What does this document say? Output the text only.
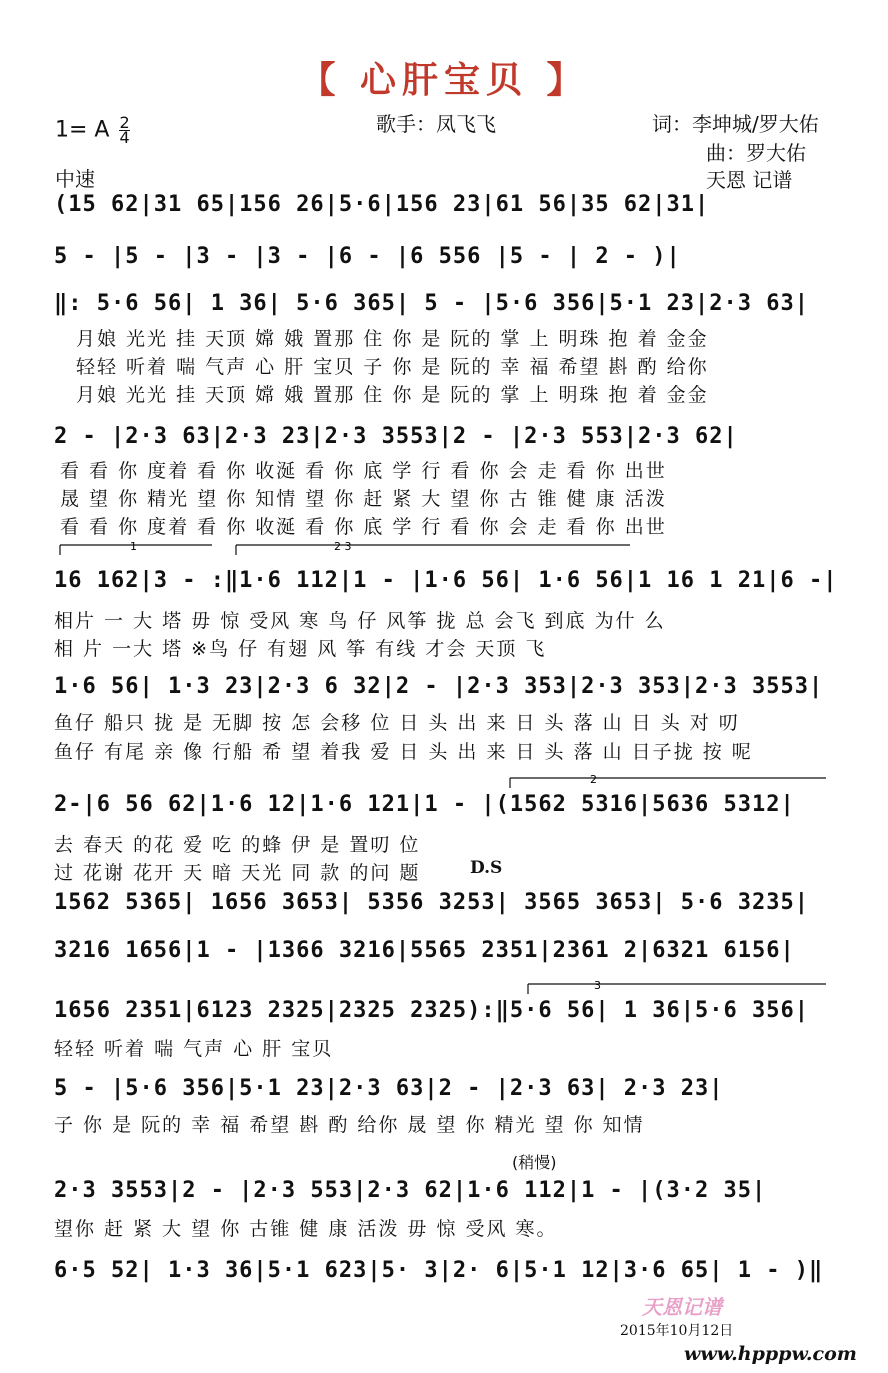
【 心肝宝贝 】
歌手：凤飞飞	词：李坤城/罗大佑
曲：罗大佑
天恩 记谱
1= A $\frac{2}{4}$
中速
(15 62|31 65|156 26|5·6|156 23|61 56|35 62|31|
5 - |5 - |3 - |3 - |6 - |6 556 |5 - | 2 - )|
‖: 5·6 56| 1 36| 5·6 365| 5 - |5·6 356|5·1 23|2·3 63|
月娘 光光 挂 天顶 嫦 娥 置那 住 你 是 阮的 掌 上 明珠 抱 着 金金
轻轻 听着 喘 气声 心 肝 宝贝 子 你 是 阮的 幸 福 希望 斟 酌 给你
月娘 光光 挂 天顶 嫦 娥 置那 住 你 是 阮的 掌 上 明珠 抱 着 金金
2 - |2·3 63|2·3 23|2·3 3553|2 - |2·3 553|2·3 62|
看 看 你 度着 看 你 收涎 看 你 底 学 行 看 你 会 走 看 你 出世
晟 望 你 精光 望 你 知情 望 你 赶 紧 大 望 你 古 锥 健 康 活泼
看 看 你 度着 看 你 收涎 看 你 底 学 行 看 你 会 走 看 你 出世
1	2 3
16 162|3 - :‖1·6 112|1 - |1·6 56| 1·6 56|1 16 1 21|6 -|
相片 一 大 塔 毋 惊 受风 寒 鸟 仔 风筝 拢 总 会飞 到底 为什 么
相 片 一大 塔 ※鸟 仔 有翅 风 筝 有线 才会 天顶 飞
1·6 56| 1·3 23|2·3 6 32|2 - |2·3 353|2·3 353|2·3 3553|
鱼仔 船只 拢 是 无脚 按 怎 会移 位 日 头 出 来 日 头 落 山 日 头 对 叨
鱼仔 有尾 亲 像 行船 希 望 着我 爱 日 头 出 来 日 头 落 山 日子拢 按 呢
2
2-|6 56 62|1·6 12|1·6 121|1 - |(1562 5316|5636 5312|
去 春天 的花 爱 吃 的蜂 伊 是 置叨 位
过 花谢 花开 天 暗 天光 同 款 的问 题	D.S
1562 5365| 1656 3653| 5356 3253| 3565 3653| 5·6 3235|
3216 1656|1 - |1366 3216|5565 2351|2361 2|6321 6156|
3
1656 2351|6123 2325|2325 2325):‖5·6 56| 1 36|5·6 356|
轻轻 听着 喘 气声 心 肝 宝贝
5 - |5·6 356|5·1 23|2·3 63|2 - |2·3 63| 2·3 23|
子 你 是 阮的 幸 福 希望 斟 酌 给你 晟 望 你 精光 望 你 知情
(稍慢)
2·3 3553|2 - |2·3 553|2·3 62|1·6 112|1 - |(3·2 35|
望你 赶 紧 大 望 你 古锥 健 康 活泼 毋 惊 受风 寒。
6·5 52| 1·3 36|5·1 623|5· 3|2· 6|5·1 12|3·6 65| 1 - )‖
天恩记谱
2015年10月12日
www.hpppw.com
